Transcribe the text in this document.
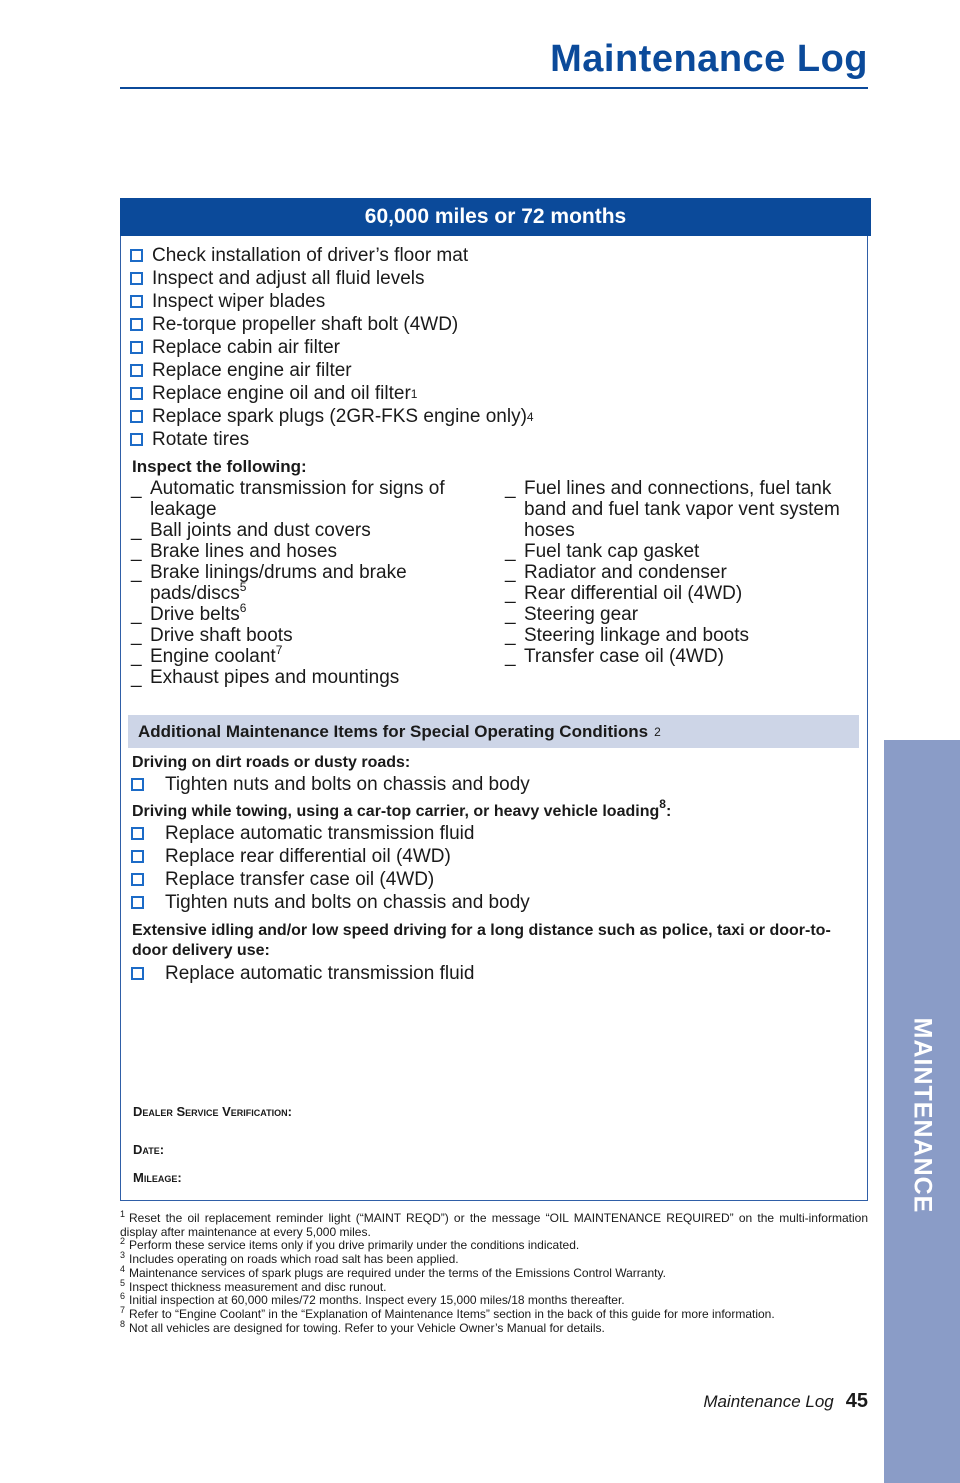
Maintenance Log
MAINTENANCE
60,000 miles or 72 months
Check installation of driver’s floor mat
Inspect and adjust all fluid levels
Inspect wiper blades
Re-torque propeller shaft bolt (4WD)
Replace cabin air filter
Replace engine air filter
Replace engine oil and oil filter 1
Replace spark plugs (2GR-FKS engine only) 4
Rotate tires

Inspect the following:

_ Automatic transmission for signs of leakage
_ Ball joints and dust covers
_ Brake lines and hoses
_ Brake linings/drums and brake pads/discs$^5$
_ Drive belts$^6$
_ Drive shaft boots
_ Engine coolant$^7$
_ Exhaust pipes and mountings
_ Fuel lines and connections, fuel tank band and fuel tank vapor vent system hoses
_ Fuel tank cap gasket
_ Radiator and condenser
_ Rear differential oil (4WD)
_ Steering gear
_ Steering linkage and boots
_ Transfer case oil (4WD)
Additional Maintenance Items for Special Operating Conditions 2

Driving on dirt roads or dusty roads:

Tighten nuts and bolts on chassis and body

Driving while towing, using a car-top carrier, or heavy vehicle loading$^8$:

Replace automatic transmission fluid
Replace rear differential oil (4WD)
Replace transfer case oil (4WD)
Tighten nuts and bolts on chassis and body

Extensive idling and/or low speed driving for a long distance such as police, taxi or door-to-door delivery use:

Replace automatic transmission fluid

Dealer Service Verification:

Date:

Mileage:

$^1$ Reset the oil replacement reminder light (“MAINT REQD”) or the message “OIL MAINTENANCE REQUIRED” on the multi-information display after maintenance at every 5,000 miles.
$^2$ Perform these service items only if you drive primarily under the conditions indicated.
$^3$ Includes operating on roads which road salt has been applied.
$^4$ Maintenance services of spark plugs are required under the terms of the Emissions Control Warranty.
$^5$ Inspect thickness measurement and disc runout.
$^6$ Initial inspection at 60,000 miles/72 months. Inspect every 15,000 miles/18 months thereafter.
$^7$ Refer to “Engine Coolant” in the “Explanation of Maintenance Items” section in the back of this guide for more information.
$^8$ Not all vehicles are designed for towing. Refer to your Vehicle Owner’s Manual for details.
Maintenance Log 45
